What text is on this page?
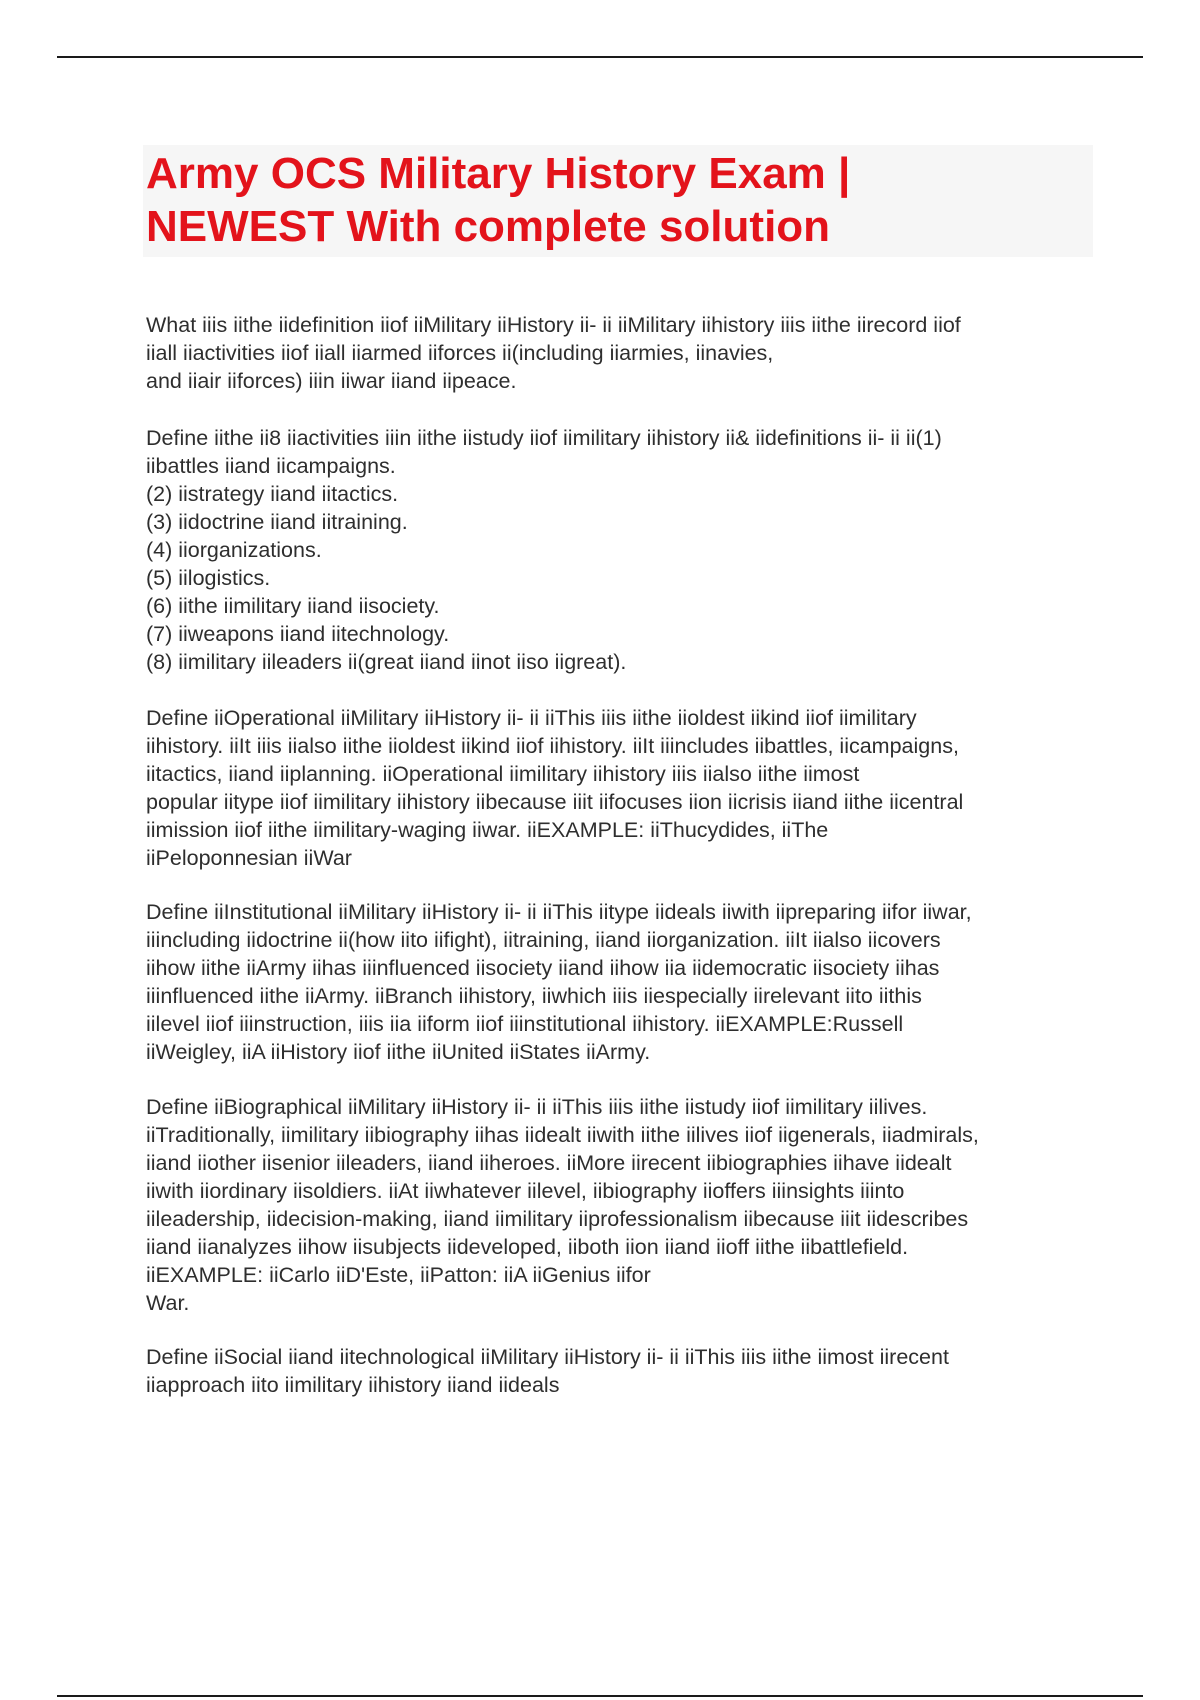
Army OCS Military History Exam |
NEWEST With complete solution
What iiis iithe iidefinition iiof iiMilitary iiHistory ii- ii iiMilitary iihistory iiis iithe iirecord iiof
iiall iiactivities iiof iiall iiarmed iiforces ii(including iiarmies, iinavies,
and iiair iiforces) iiin iiwar iiand iipeace.
Define iithe ii8 iiactivities iiin iithe iistudy iiof iimilitary iihistory ii& iidefinitions ii- ii ii(1)
iibattles iiand iicampaigns.
(2) iistrategy iiand iitactics.
(3) iidoctrine iiand iitraining.
(4) iiorganizations.
(5) iilogistics.
(6) iithe iimilitary iiand iisociety.
(7) iiweapons iiand iitechnology.
(8) iimilitary iileaders ii(great iiand iinot iiso iigreat).
Define iiOperational iiMilitary iiHistory ii- ii iiThis iiis iithe iioldest iikind iiof iimilitary
iihistory. iiIt iiis iialso iithe iioldest iikind iiof iihistory. iiIt iiincludes iibattles, iicampaigns,
iitactics, iiand iiplanning. iiOperational iimilitary iihistory iiis iialso iithe iimost
popular iitype iiof iimilitary iihistory iibecause iiit iifocuses iion iicrisis iiand iithe iicentral
iimission iiof iithe iimilitary-waging iiwar. iiEXAMPLE: iiThucydides, iiThe
iiPeloponnesian iiWar
Define iiInstitutional iiMilitary iiHistory ii- ii iiThis iitype iideals iiwith iipreparing iifor iiwar,
iiincluding iidoctrine ii(how iito iifight), iitraining, iiand iiorganization. iiIt iialso iicovers
iihow iithe iiArmy iihas iiinfluenced iisociety iiand iihow iia iidemocratic iisociety iihas
iiinfluenced iithe iiArmy. iiBranch iihistory, iiwhich iiis iiespecially iirelevant iito iithis
iilevel iiof iiinstruction, iiis iia iiform iiof iiinstitutional iihistory. iiEXAMPLE:Russell
iiWeigley, iiA iiHistory iiof iithe iiUnited iiStates iiArmy.
Define iiBiographical iiMilitary iiHistory ii- ii iiThis iiis iithe iistudy iiof iimilitary iilives.
iiTraditionally, iimilitary iibiography iihas iidealt iiwith iithe iilives iiof iigenerals, iiadmirals,
iiand iiother iisenior iileaders, iiand iiheroes. iiMore iirecent iibiographies iihave iidealt
iiwith iiordinary iisoldiers. iiAt iiwhatever iilevel, iibiography iioffers iiinsights iiinto
iileadership, iidecision-making, iiand iimilitary iiprofessionalism iibecause iiit iidescribes
iiand iianalyzes iihow iisubjects iideveloped, iiboth iion iiand iioff iithe iibattlefield.
iiEXAMPLE: iiCarlo iiD'Este, iiPatton: iiA iiGenius iifor
War.
Define iiSocial iiand iitechnological iiMilitary iiHistory ii- ii iiThis iiis iithe iimost iirecent
iiapproach iito iimilitary iihistory iiand iideals
